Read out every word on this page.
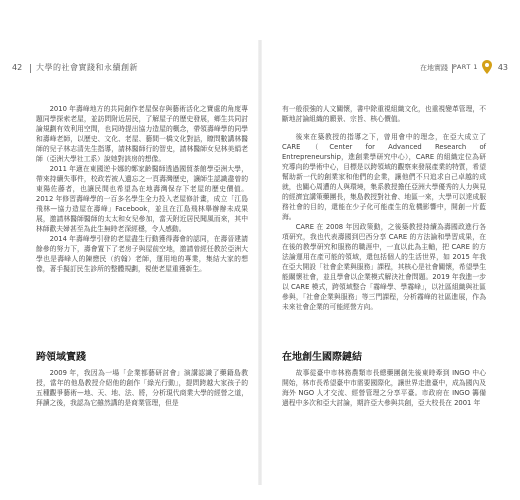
42 大學的社會實踐和永續創新

2010 年壽峰地方的共同創作老屋保存與藝術活化之寶處的角度專題同學探索老屋，並訪問附近居民，了解屋子的歷史發展，鄉生共同討論規劃有效利用空間，也同時提出協力造屋的概念，帶領壽峰學的同學和壽峰老師，以歷史、文化、老屋、藝間一橋文化對話，瞭問數講林醫師的兒子林志清先生指導，請林醫師行的智史，請林醫師女兒林美絹老師（亞洲大學社工系）說她對該房的想像。

2011 年適在東國逆卡娜的鄭家齡醫師透過國貿茶館學亞洲大學，帶來持續失事件，校政若被人遺忘之一頁壽灣歷史，讓師生認識盡曾的東陽佐藤者，也讓民間也希望為在地壽灣保存下老屋的歷史價值。2012 年修習壽峰學的一百多名學生全力投入老屋修計畫，成立「江島飛林—協力造屋在壽峰」Facebook，並且在江島飛林舉辦辦未成果展，邀請林醫師醫師的太太和女兒參加，當天附近居民聞風而來，其中林師歡夫婦甚至為此生無時老深經穩，令人感動。

2014 年壽峰學引發的老屋盡生行動獲得壽會的認同，在壽晉建請餘參的努力下，壽會置下了老房子與屋前空地，邀請曾經任教於亞洲大學也是壽峰人的陳懋民（約翰）老師，運用地的專業，集結大家的想像，著手擬訂民生診所的整體規劃，視使老屋重獲新生。

跨領域實踐

2009 年，我因為一場「企業都藝研討會」演講認識了藥籍島教授，當年的他島教授介紹他的創作「綠光行動」，提問跨越大家孩子的五種觀爭藝術—地、天、地、法、將，分析現代商業大學的經營之道，拜讀之後，我認為它雖然講的是商業管理，但是

在地實踐 PART 1 43

有一般很強的人文關懷，書中除重視組織文化，也重視變革管理，不斷地討論組織的願景、宗旨、核心價值。

後來在築教授的指導之下，曾用會中的理念，在亞大成立了 CARE（Center for Advanced Research of Entrepreneurship，進創業學研究中心），CARE 的組織定位為研究導向的學術中心，目標是以跨領域的觀察來發展產業的特質，希望幫助新一代的創業家和他們的企業，讓他們不只追求自己卓越的成就，也關心周遭的人與環境，集系教授擔任亞洲大學優秀的人力與見的經濟宜講策藥團長，集島教授對社會、地區一來，大學可以達成服務社會的目的，還能在少子化可能產生的危機影響中，開創一片藍海。

CARE 在 2008 年因政策動，之後築教授持續為壽國政進行各項研究，我也代表壽國到巴西分享 CARE 的方法論和學習成果，在在後的教學研究和服務的職涯中，一直以此為主軸，把 CARE 的方法論運用在產可能的領域，還包括個人的生活世界，如 2015 年我在亞大開設「社會企業與服務」課程，其核心是社會關懷，希望學生能關懷社會，並且學會以企業模式解決社會問題。2019 年我進一步以 CARE 模式，跨領域整合「霧峰學、學霧峰」，以社區組織與社區參與，「社會企業與服務」等三門課程，分析霧峰的社區進展，作為未來社會企業的可能經營方向。

在地創生國際鏈結

故事從臺中市林務農類市長總藥團創先後東時牽到 INGO 中心開始，林市長希望臺中市需要國際化，讓世界走進臺中，成為國內及海外 NGO 人才交流、經營管理之分享平臺。市政府在 INGO 籌備過程中多次和亞大討論，期許亞大參與共創，亞大校長在 2001 年
